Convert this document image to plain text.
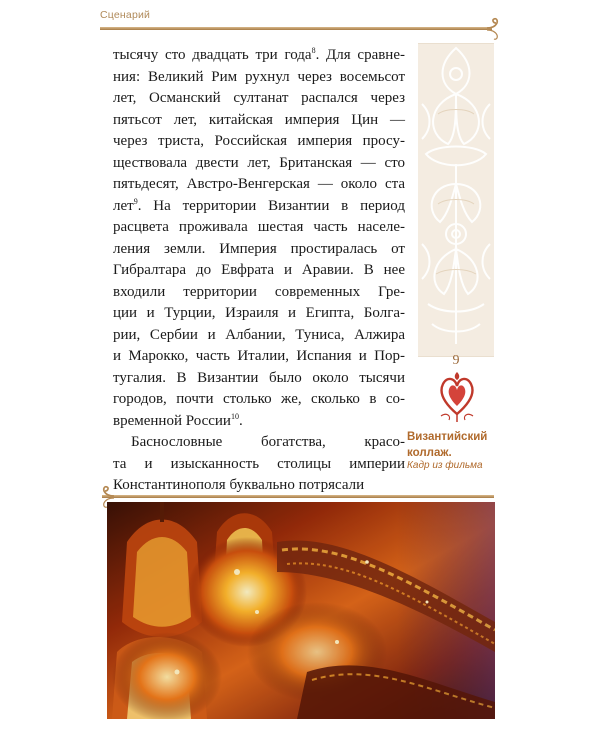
Сценарий
тысячу сто двадцать три года$^8$. Для сравне-
ния: Великий Рим рухнул через восемьсот
лет, Османский султанат распался через
пятьсот лет, китайская империя Цин —
через триста, Российская империя просу-
ществовала двести лет, Британская — сто
пятьдесят, Австро-Венгерская — около ста
лет$^9$. На территории Византии в период
расцвета проживала шестая часть населе-
ления земли. Империя простиралась от
Гибралтара до Евфрата и Аравии. В нее
входили территории современных Гре-
ции и Турции, Израиля и Египта, Болга-
рии, Сербии и Албании, Туниса, Алжира
и Марокко, часть Италии, Испания и Пор-
тугалия. В Византии было около тысячи
городов, почти столько же, сколько в со-
временной России$^{10}$.
Баснословные богатства, красо-
та и изысканность столицы империи
Константинополя буквально потрясали
9
Византийский
коллаж.
Кадр из фильма
